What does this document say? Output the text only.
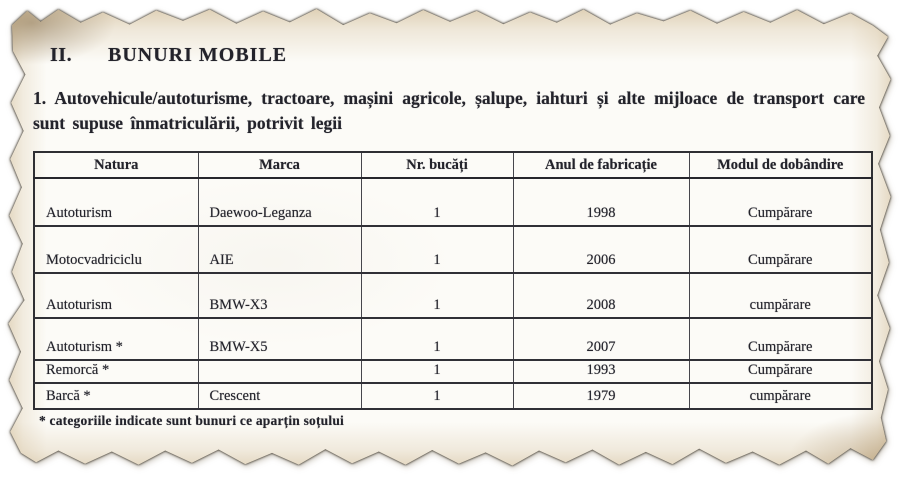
II. BUNURI MOBILE

1. Autovehicule/autoturisme, tractoare, mașini agricole, șalupe, iahturi și alte mijloace de transport care sunt supuse înmatriculării, potrivit legii

Natura	Marca	Nr. bucăți	Anul de fabricație	Modul de dobândire
Autoturism	Daewoo-Leganza	1	1998	Cumpărare
Motocvadriciclu	AIE	1	2006	Cumpărare
Autoturism	BMW-X3	1	2008	cumpărare
Autoturism *	BMW-X5	1	2007	Cumpărare
Remorcă *		1	1993	Cumpărare
Barcă *	Crescent	1	1979	cumpărare

* categoriile indicate sunt bunuri ce aparțin soțului
